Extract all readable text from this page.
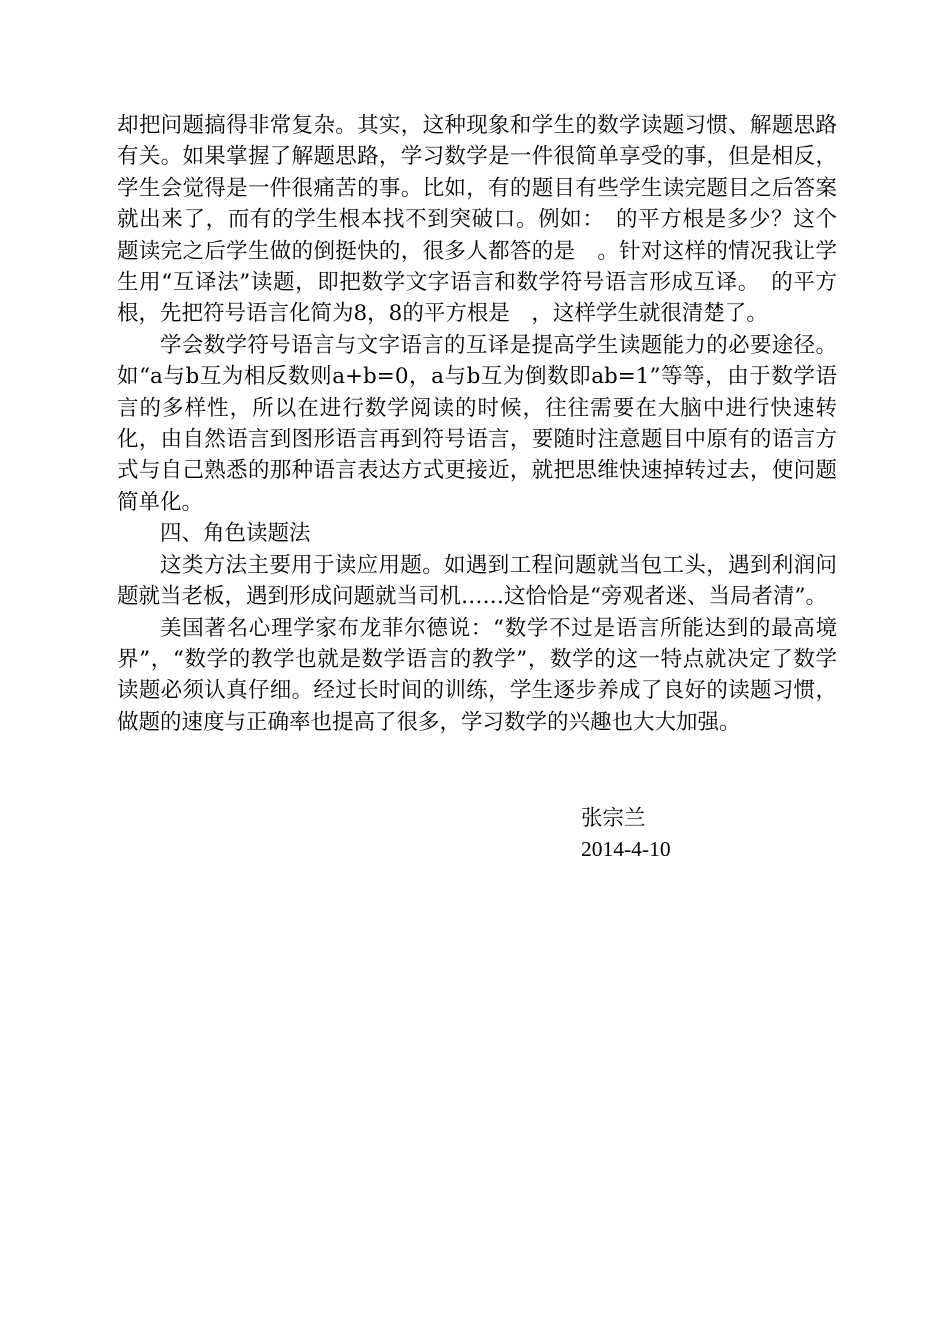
却把问题搞得非常复杂。其实，这种现象和学生的数学读题习惯、解题思路有关。如果掌握了解题思路，学习数学是一件很简单享受的事，但是相反，学生会觉得是一件很痛苦的事。比如，有的题目有些学生读完题目之后答案就出来了，而有的学生根本找不到突破口。例如：　的平方根是多少？这个题读完之后学生做的倒挺快的，很多人都答的是　。针对这样的情况我让学生用“互译法”读题，即把数学文字语言和数学符号语言形成互译。　的平方根，先把符号语言化简为8，8的平方根是　，这样学生就很清楚了。

学会数学符号语言与文字语言的互译是提高学生读题能力的必要途径。如“a与b互为相反数则a+b=0，a与b互为倒数即ab=1”等等，由于数学语言的多样性，所以在进行数学阅读的时候，往往需要在大脑中进行快速转化，由自然语言到图形语言再到符号语言，要随时注意题目中原有的语言方式与自己熟悉的那种语言表达方式更接近，就把思维快速掉转过去，使问题简单化。

四、角色读题法

这类方法主要用于读应用题。如遇到工程问题就当包工头，遇到利润问题就当老板，遇到形成问题就当司机……这恰恰是“旁观者迷、当局者清”。

美国著名心理学家布龙菲尔德说：“数学不过是语言所能达到的最高境界”，“数学的教学也就是数学语言的教学”，数学的这一特点就决定了数学读题必须认真仔细。经过长时间的训练，学生逐步养成了良好的读题习惯，做题的速度与正确率也提高了很多，学习数学的兴趣也大大加强。

张宗兰
2014-4-10
